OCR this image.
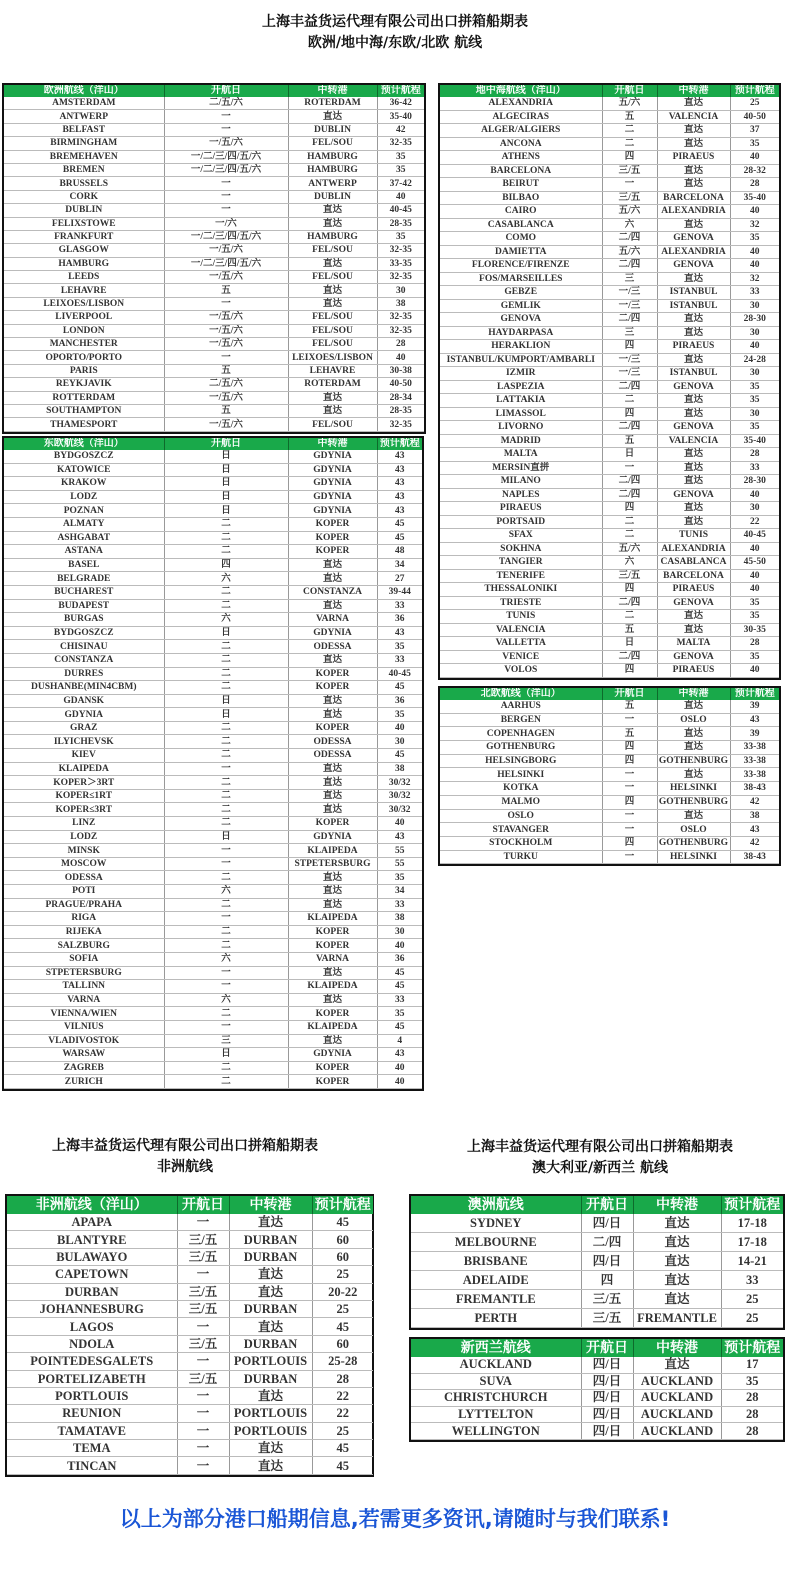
上海丰益货运代理有限公司出口拼箱船期表
欧洲/地中海/东欧/北欧 航线
上海丰益货运代理有限公司出口拼箱船期表
非洲航线
上海丰益货运代理有限公司出口拼箱船期表
澳大利亚/新西兰 航线
欧洲航线（洋山）	开航日	中转港	预计航程
AMSTERDAM	二/五/六	ROTERDAM	36-42
ANTWERP	一	直达	35-40
BELFAST	一	DUBLIN	42
BIRMINGHAM	一/五/六	FEL/SOU	32-35
BREMEHAVEN	一/二/三/四/五/六	HAMBURG	35
BREMEN	一/二/三/四/五/六	HAMBURG	35
BRUSSELS	一	ANTWERP	37-42
CORK	一	DUBLIN	40
DUBLIN	一	直达	40-45
FELIXSTOWE	一/六	直达	28-35
FRANKFURT	一/二/三/四/五/六	HAMBURG	35
GLASGOW	一/五/六	FEL/SOU	32-35
HAMBURG	一/二/三/四/五/六	直达	33-35
LEEDS	一/五/六	FEL/SOU	32-35
LEHAVRE	五	直达	30
LEIXOES/LISBON	一	直达	38
LIVERPOOL	一/五/六	FEL/SOU	32-35
LONDON	一/五/六	FEL/SOU	32-35
MANCHESTER	一/五/六	FEL/SOU	28
OPORTO/PORTO	一	LEIXOES/LISBON	40
PARIS	五	LEHAVRE	30-38
REYKJAVIK	二/五/六	ROTERDAM	40-50
ROTTERDAM	一/五/六	直达	28-34
SOUTHAMPTON	五	直达	28-35
THAMESPORT	一/五/六	FEL/SOU	32-35
地中海航线（洋山）	开航日	中转港	预计航程
ALEXANDRIA	五/六	直达	25
ALGECIRAS	五	VALENCIA	40-50
ALGER/ALGIERS	二	直达	37
ANCONA	二	直达	35
ATHENS	四	PIRAEUS	40
BARCELONA	三/五	直达	28-32
BEIRUT	一	直达	28
BILBAO	三/五	BARCELONA	35-40
CAIRO	五/六	ALEXANDRIA	40
CASABLANCA	六	直达	32
COMO	二/四	GENOVA	35
DAMIETTA	五/六	ALEXANDRIA	40
FLORENCE/FIRENZE	二/四	GENOVA	40
FOS/MARSEILLES	三	直达	32
GEBZE	一/三	ISTANBUL	33
GEMLIK	一/三	ISTANBUL	30
GENOVA	二/四	直达	28-30
HAYDARPASA	三	直达	30
HERAKLION	四	PIRAEUS	40
ISTANBUL/KUMPORT/AMBARLI	一/三	直达	24-28
IZMIR	一/三	ISTANBUL	30
LASPEZIA	二/四	GENOVA	35
LATTAKIA	二	直达	35
LIMASSOL	四	直达	30
LIVORNO	二/四	GENOVA	35
MADRID	五	VALENCIA	35-40
MALTA	日	直达	28
MERSIN直拼	一	直达	33
MILANO	二/四	直达	28-30
NAPLES	二/四	GENOVA	40
PIRAEUS	四	直达	30
PORTSAID	二	直达	22
SFAX	二	TUNIS	40-45
SOKHNA	五/六	ALEXANDRIA	40
TANGIER	六	CASABLANCA	45-50
TENERIFE	三/五	BARCELONA	40
THESSALONIKI	四	PIRAEUS	40
TRIESTE	二/四	GENOVA	35
TUNIS	二	直达	35
VALENCIA	五	直达	30-35
VALLETTA	日	MALTA	28
VENICE	二/四	GENOVA	35
VOLOS	四	PIRAEUS	40
北欧航线（洋山）	开航日	中转港	预计航程
AARHUS	五	直达	39
BERGEN	一	OSLO	43
COPENHAGEN	五	直达	39
GOTHENBURG	四	直达	33-38
HELSINGBORG	四	GOTHENBURG	33-38
HELSINKI	一	直达	33-38
KOTKA	一	HELSINKI	38-43
MALMO	四	GOTHENBURG	42
OSLO	一	直达	38
STAVANGER	一	OSLO	43
STOCKHOLM	四	GOTHENBURG	42
TURKU	一	HELSINKI	38-43
东欧航线（洋山）	开航日	中转港	预计航程
BYDGOSZCZ	日	GDYNIA	43
KATOWICE	日	GDYNIA	43
KRAKOW	日	GDYNIA	43
LODZ	日	GDYNIA	43
POZNAN	日	GDYNIA	43
ALMATY	二	KOPER	45
ASHGABAT	二	KOPER	45
ASTANA	二	KOPER	48
BASEL	四	直达	34
BELGRADE	六	直达	27
BUCHAREST	二	CONSTANZA	39-44
BUDAPEST	二	直达	33
BURGAS	六	VARNA	36
BYDGOSZCZ	日	GDYNIA	43
CHISINAU	二	ODESSA	35
CONSTANZA	二	直达	33
DURRES	二	KOPER	40-45
DUSHANBE(MIN4CBM)	二	KOPER	45
GDANSK	日	直达	36
GDYNIA	日	直达	35
GRAZ	二	KOPER	40
ILYICHEVSK	二	ODESSA	30
KIEV	二	ODESSA	45
KLAIPEDA	一	直达	38
KOPER＞3RT	二	直达	30/32
KOPER≤1RT	二	直达	30/32
KOPER≤3RT	二	直达	30/32
LINZ	二	KOPER	40
LODZ	日	GDYNIA	43
MINSK	一	KLAIPEDA	55
MOSCOW	一	STPETERSBURG	55
ODESSA	二	直达	35
POTI	六	直达	34
PRAGUE/PRAHA	二	直达	33
RIGA	一	KLAIPEDA	38
RIJEKA	二	KOPER	30
SALZBURG	二	KOPER	40
SOFIA	六	VARNA	36
STPETERSBURG	一	直达	45
TALLINN	一	KLAIPEDA	45
VARNA	六	直达	33
VIENNA/WIEN	二	KOPER	35
VILNIUS	一	KLAIPEDA	45
VLADIVOSTOK	三	直达	4
WARSAW	日	GDYNIA	43
ZAGREB	二	KOPER	40
ZURICH	二	KOPER	40
非洲航线（洋山）	开航日	中转港	预计航程
APAPA	一	直达	45
BLANTYRE	三/五	DURBAN	60
BULAWAYO	三/五	DURBAN	60
CAPETOWN	一	直达	25
DURBAN	三/五	直达	20-22
JOHANNESBURG	三/五	DURBAN	25
LAGOS	一	直达	45
NDOLA	三/五	DURBAN	60
POINTEDESGALETS	一	PORTLOUIS	25-28
PORTELIZABETH	三/五	DURBAN	28
PORTLOUIS	一	直达	22
REUNION	一	PORTLOUIS	22
TAMATAVE	一	PORTLOUIS	25
TEMA	一	直达	45
TINCAN	一	直达	45
澳洲航线	开航日	中转港	预计航程
SYDNEY	四/日	直达	17-18
MELBOURNE	二/四	直达	17-18
BRISBANE	四/日	直达	14-21
ADELAIDE	四	直达	33
FREMANTLE	三/五	直达	25
PERTH	三/五	FREMANTLE	25
新西兰航线	开航日	中转港	预计航程
AUCKLAND	四/日	直达	17
SUVA	四/日	AUCKLAND	35
CHRISTCHURCH	四/日	AUCKLAND	28
LYTTELTON	四/日	AUCKLAND	28
WELLINGTON	四/日	AUCKLAND	28
以上为部分港口船期信息,若需更多资讯,请随时与我们联系!
